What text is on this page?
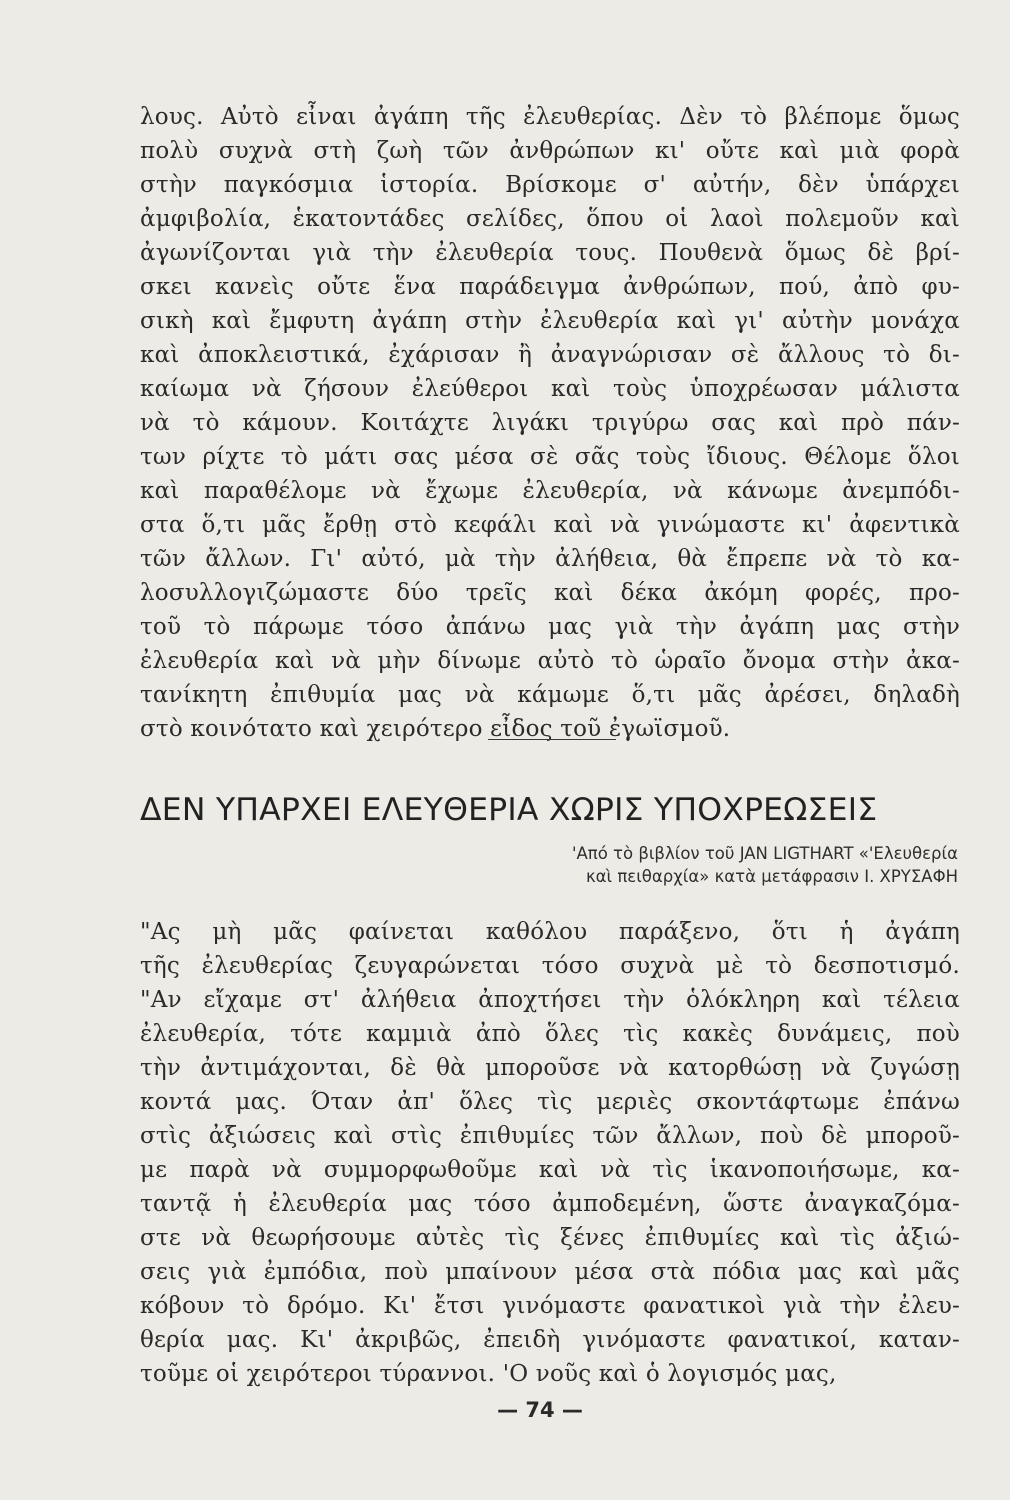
λους. Αὐτὸ εἶναι ἀγάπη τῆς ἐλευθερίας. Δὲν τὸ βλέπομε ὅμως
πολὺ συχνὰ στὴ ζωὴ τῶν ἀνθρώπων κι' οὔτε καὶ μιὰ φορὰ
στὴν παγκόσμια ἱστορία. Βρίσκομε σ' αὐτήν, δὲν ὑπάρχει
ἀμφιβολία, ἑκατοντάδες σελίδες, ὅπου οἱ λαοὶ πολεμοῦν καὶ
ἀγωνίζονται γιὰ τὴν ἐλευθερία τους. Πουθενὰ ὅμως δὲ βρί-
σκει κανεὶς οὔτε ἕνα παράδειγμα ἀνθρώπων, πού, ἀπὸ φυ-
σικὴ καὶ ἔμφυτη ἀγάπη στὴν ἐλευθερία καὶ γι' αὐτὴν μονάχα
καὶ ἀποκλειστικά, ἐχάρισαν ἢ ἀναγνώρισαν σὲ ἄλλους τὸ δι-
καίωμα νὰ ζήσουν ἐλεύθεροι καὶ τοὺς ὑποχρέωσαν μάλιστα
νὰ τὸ κάμουν. Κοιτάχτε λιγάκι τριγύρω σας καὶ πρὸ πάν-
των ρίχτε τὸ μάτι σας μέσα σὲ σᾶς τοὺς ἴδιους. Θέλομε ὅλοι
καὶ παραθέλομε νὰ ἔχωμε ἐλευθερία, νὰ κάνωμε ἀνεμπόδι-
στα ὅ,τι μᾶς ἔρθῃ στὸ κεφάλι καὶ νὰ γινώμαστε κι' ἀφεντικὰ
τῶν ἄλλων. Γι' αὐτό, μὰ τὴν ἀλήθεια, θὰ ἔπρεπε νὰ τὸ κα-
λοσυλλογιζώμαστε δύο τρεῖς καὶ δέκα ἀκόμη φορές, προ-
τοῦ τὸ πάρωμε τόσο ἀπάνω μας γιὰ τὴν ἀγάπη μας στὴν
ἐλευθερία καὶ νὰ μὴν δίνωμε αὐτὸ τὸ ὡραῖο ὄνομα στὴν ἀκα-
τανίκητη ἐπιθυμία μας νὰ κάμωμε ὅ,τι μᾶς ἀρέσει, δηλαδὴ
στὸ κοινότατο καὶ χειρότερο εἶδος τοῦ ἐγωϊσμοῦ.
ΔΕΝ ΥΠΑΡΧΕΙ ΕΛΕΥΘΕΡΙΑ ΧΩΡΙΣ ΥΠΟΧΡΕΩΣΕΙΣ
'Από τὸ βιβλίον τοῦ JAN LIGTHART «'Ελευθερία
καὶ πειθαρχία» κατὰ μετάφρασιν Ι. ΧΡΥΣΑΦΗ
"Ας μὴ μᾶς φαίνεται καθόλου παράξενο, ὅτι ἡ ἀγάπη
τῆς ἐλευθερίας ζευγαρώνεται τόσο συχνὰ μὲ τὸ δεσποτισμό.
"Αν εἴχαμε στ' ἀλήθεια ἀποχτήσει τὴν ὁλόκληρη καὶ τέλεια
ἐλευθερία, τότε καμμιὰ ἀπὸ ὅλες τὶς κακὲς δυνάμεις, ποὺ
τὴν ἀντιμάχονται, δὲ θὰ μποροῦσε νὰ κατορθώσῃ νὰ ζυγώσῃ
κοντά μας. Όταν ἀπ' ὅλες τὶς μεριὲς σκοντάφτωμε ἐπάνω
στὶς ἀξιώσεις καὶ στὶς ἐπιθυμίες τῶν ἄλλων, ποὺ δὲ μποροῦ-
με παρὰ νὰ συμμορφωθοῦμε καὶ νὰ τὶς ἱκανοποιήσωμε, κα-
ταντᾷ ἡ ἐλευθερία μας τόσο ἀμποδεμένη, ὥστε ἀναγκαζόμα-
στε νὰ θεωρήσουμε αὐτὲς τὶς ξένες ἐπιθυμίες καὶ τὶς ἀξιώ-
σεις γιὰ ἐμπόδια, ποὺ μπαίνουν μέσα στὰ πόδια μας καὶ μᾶς
κόβουν τὸ δρόμο. Κι' ἔτσι γινόμαστε φανατικοὶ γιὰ τὴν ἐλευ-
θερία μας. Κι' ἀκριβῶς, ἐπειδὴ γινόμαστε φανατικοί, καταν-
τοῦμε οἱ χειρότεροι τύραννοι. 'Ο νοῦς καὶ ὁ λογισμός μας,
— 74 —
